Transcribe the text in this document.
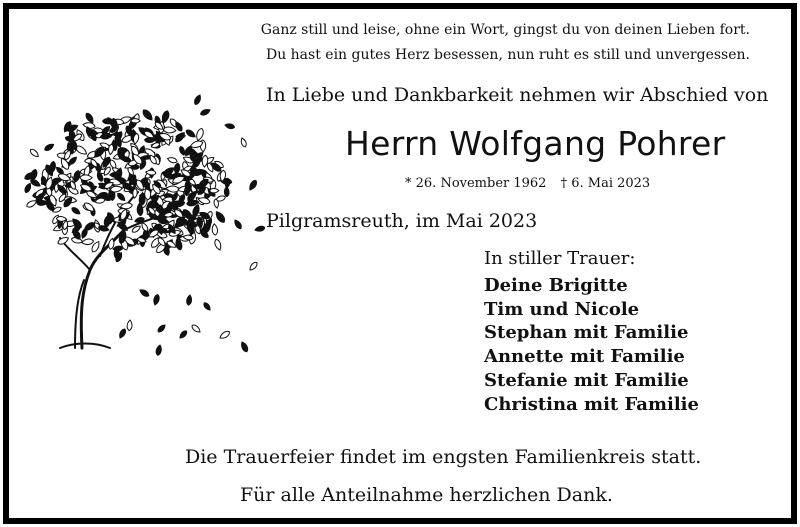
Ganz still und leise, ohne ein Wort, gingst du von deinen Lieben fort.
Du hast ein gutes Herz besessen, nun ruht es still und unvergessen.
In Liebe und Dankbarkeit nehmen wir Abschied von
Herrn Wolfgang Pohrer
* 26. November 1962 † 6. Mai 2023
Pilgramsreuth, im Mai 2023
In stiller Trauer:
Deine Brigitte
Tim und Nicole
Stephan mit Familie
Annette mit Familie
Stefanie mit Familie
Christina mit Familie
Die Trauerfeier findet im engsten Familienkreis statt.
Für alle Anteilnahme herzlichen Dank.
